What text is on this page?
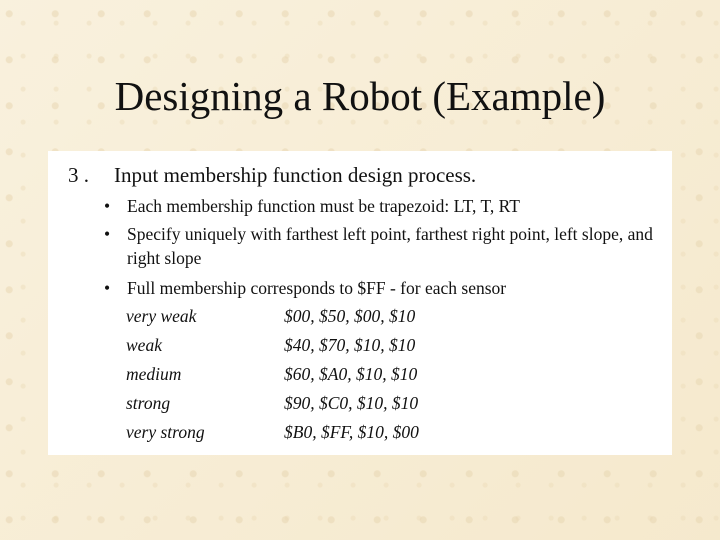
Designing a Robot (Example)
3 . Input membership function design process.
• Each membership function must be trapezoid: LT, T, RT
• Specify uniquely with farthest left point, farthest right point, left slope, and right slope
• Full membership corresponds to $FF - for each sensor
very weak	$00, $50, $00, $10
weak	$40, $70, $10, $10
medium	$60, $A0, $10, $10
strong	$90, $C0, $10, $10
very strong	$B0, $FF, $10, $00
